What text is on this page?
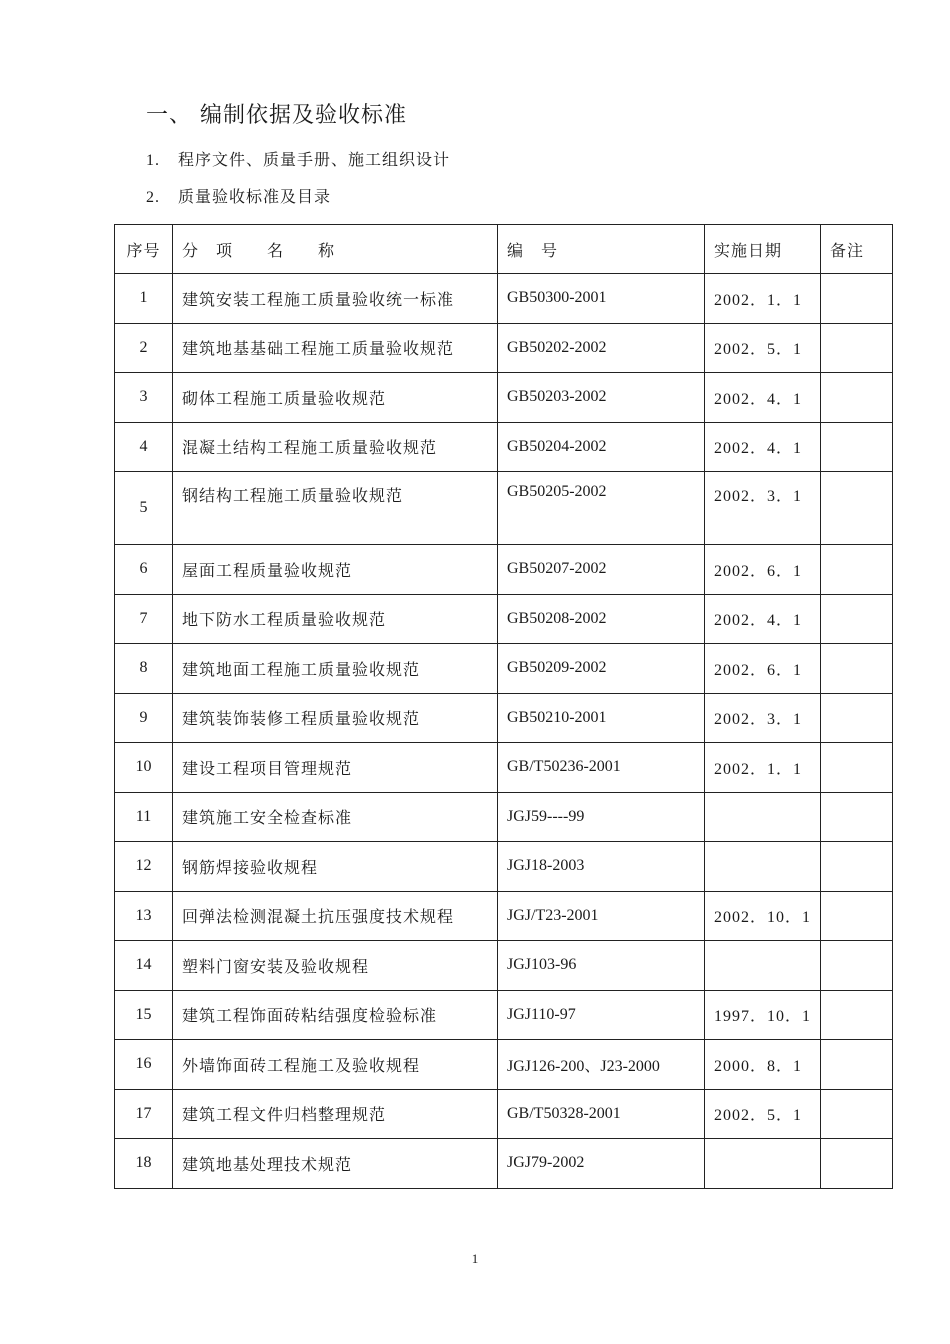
一、 编制依据及验收标准
1. 程序文件、质量手册、施工组织设计
2. 质量验收标准及目录
序号	分　项　　名　　称	编　号	实施日期	备注
1	建筑安装工程施工质量验收统一标准	GB50300-2001	2002．1．1	
2	建筑地基基础工程施工质量验收规范	GB50202-2002	2002．5．1	
3	砌体工程施工质量验收规范	GB50203-2002	2002．4．1	
4	混凝土结构工程施工质量验收规范	GB50204-2002	2002．4．1	
5	钢结构工程施工质量验收规范	GB50205-2002	2002．3．1	
6	屋面工程质量验收规范	GB50207-2002	2002．6．1	
7	地下防水工程质量验收规范	GB50208-2002	2002．4．1	
8	建筑地面工程施工质量验收规范	GB50209-2002	2002．6．1	
9	建筑装饰装修工程质量验收规范	GB50210-2001	2002．3．1	
10	建设工程项目管理规范	GB/T50236-2001	2002．1．1	
11	建筑施工安全检查标准	JGJ59----99		
12	钢筋焊接验收规程	JGJ18-2003		
13	回弹法检测混凝土抗压强度技术规程	JGJ/T23-2001	2002．10．1	
14	塑料门窗安装及验收规程	JGJ103-96		
15	建筑工程饰面砖粘结强度检验标准	JGJ110-97	1997．10．1	
16	外墙饰面砖工程施工及验收规程	JGJ126-200、J23-2000	2000．8．1	
17	建筑工程文件归档整理规范	GB/T50328-2001	2002．5．1	
18	建筑地基处理技术规范	JGJ79-2002		
1
